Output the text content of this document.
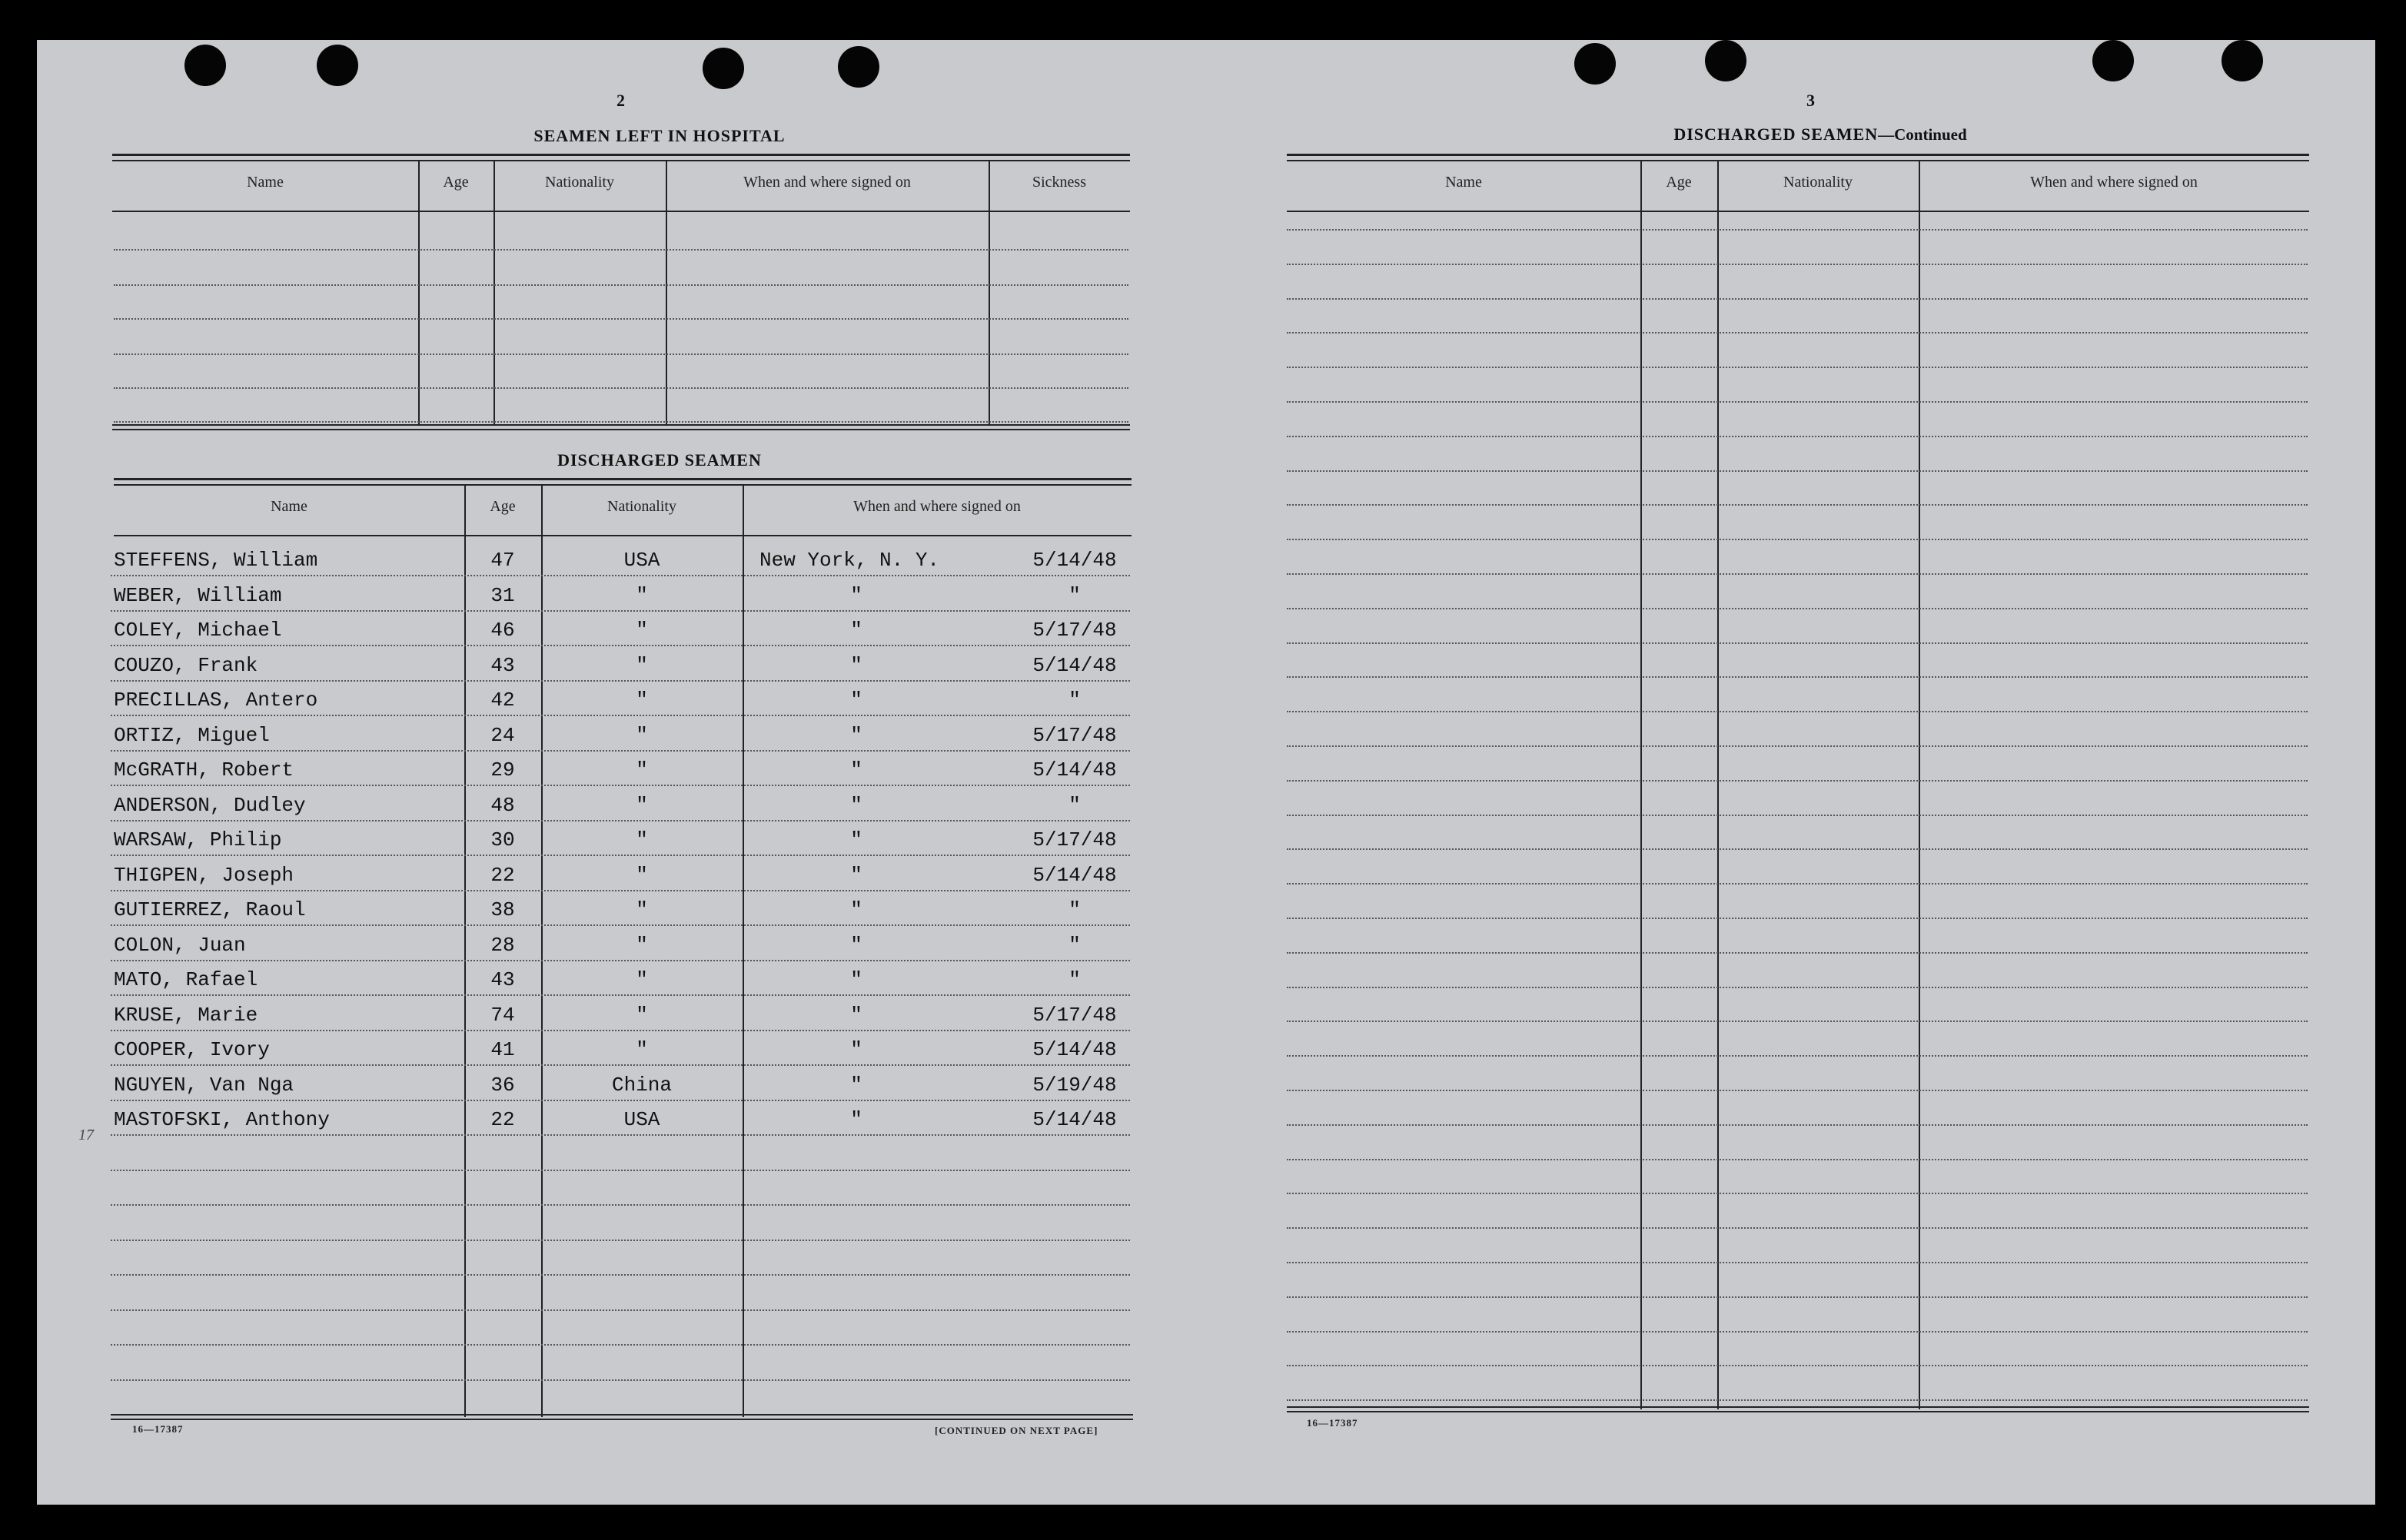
2
SEAMEN LEFT IN HOSPITAL
Name	Age	Nationality	When and where signed on	Sickness
DISCHARGED SEAMEN
Name	Age	Nationality	When and where signed on
STEFFENS, William	47	USA	New York, N. Y.	5/14/48
WEBER, William	31	"	"	"
COLEY, Michael	46	"	"	5/17/48
COUZO, Frank	43	"	"	5/14/48
PRECILLAS, Antero	42	"	"	"
ORTIZ, Miguel	24	"	"	5/17/48
McGRATH, Robert	29	"	"	5/14/48
ANDERSON, Dudley	48	"	"	"
WARSAW, Philip	30	"	"	5/17/48
THIGPEN, Joseph	22	"	"	5/14/48
GUTIERREZ, Raoul	38	"	"	"
COLON, Juan	28	"	"	"
MATO, Rafael	43	"	"	"
KRUSE, Marie	74	"	"	5/17/48
COOPER, Ivory	41	"	"	5/14/48
NGUYEN, Van Nga	36	China	"	5/19/48
MASTOFSKI, Anthony	22	USA	"	5/14/48
17
16—17387	[CONTINUED ON NEXT PAGE]
3
DISCHARGED SEAMEN—Continued
Name	Age	Nationality	When and where signed on
16—17387
